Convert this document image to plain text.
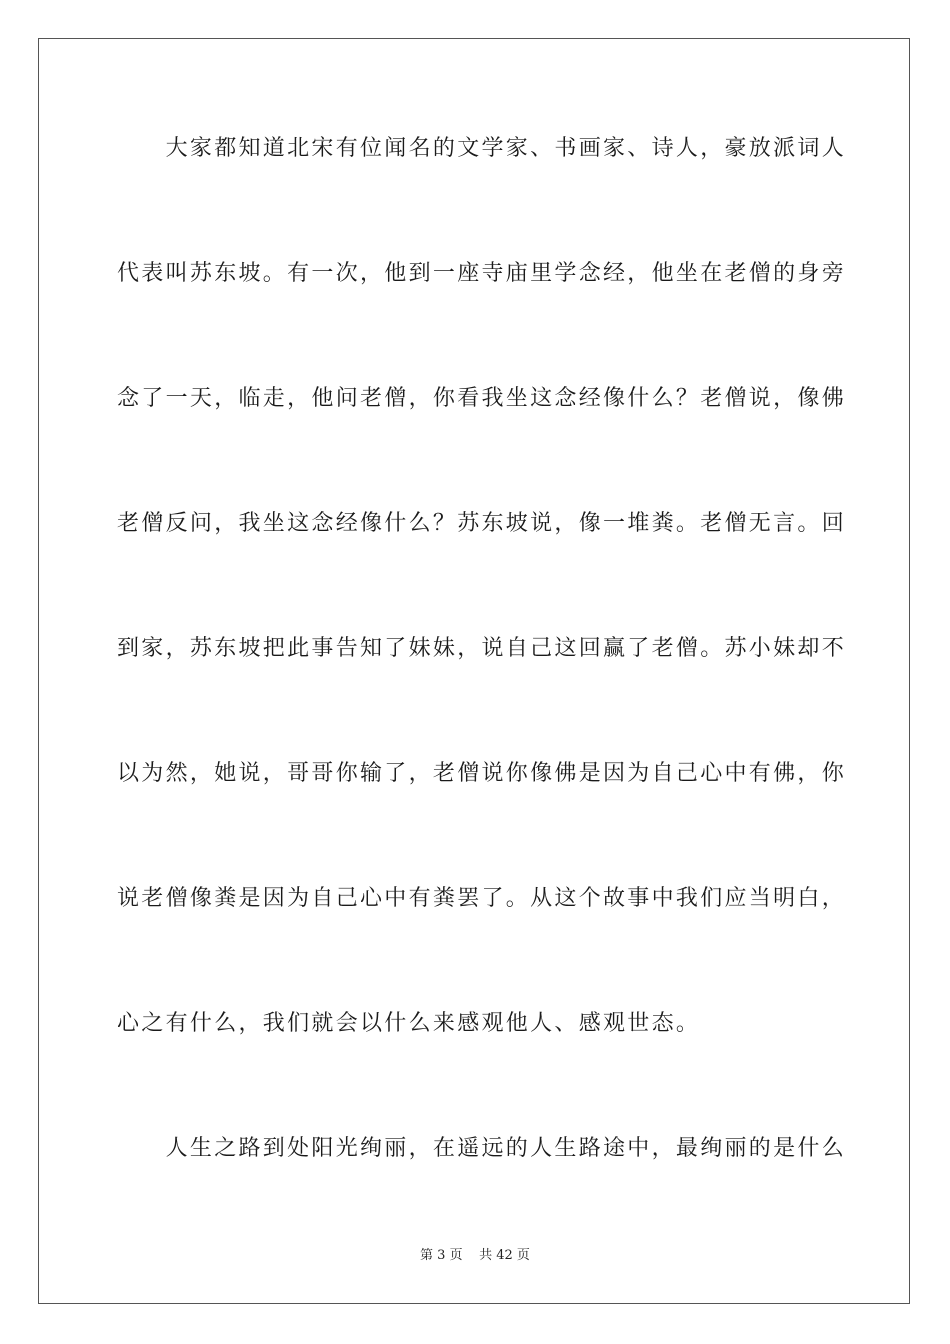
　　大家都知道北宋有位闻名的文学家、书画家、诗人，豪放派词人
代表叫苏东坡。有一次，他到一座寺庙里学念经，他坐在老僧的身旁
念了一天，临走，他问老僧，你看我坐这念经像什么？老僧说，像佛
老僧反问，我坐这念经像什么？苏东坡说，像一堆粪。老僧无言。回
到家，苏东坡把此事告知了妹妹，说自己这回赢了老僧。苏小妹却不
以为然，她说，哥哥你输了，老僧说你像佛是因为自己心中有佛，你
说老僧像粪是因为自己心中有粪罢了。从这个故事中我们应当明白，
心之有什么，我们就会以什么来感观他人、感观世态。
　　人生之路到处阳光绚丽，在遥远的人生路途中，最绚丽的是什么
第 3 页 共 42 页
